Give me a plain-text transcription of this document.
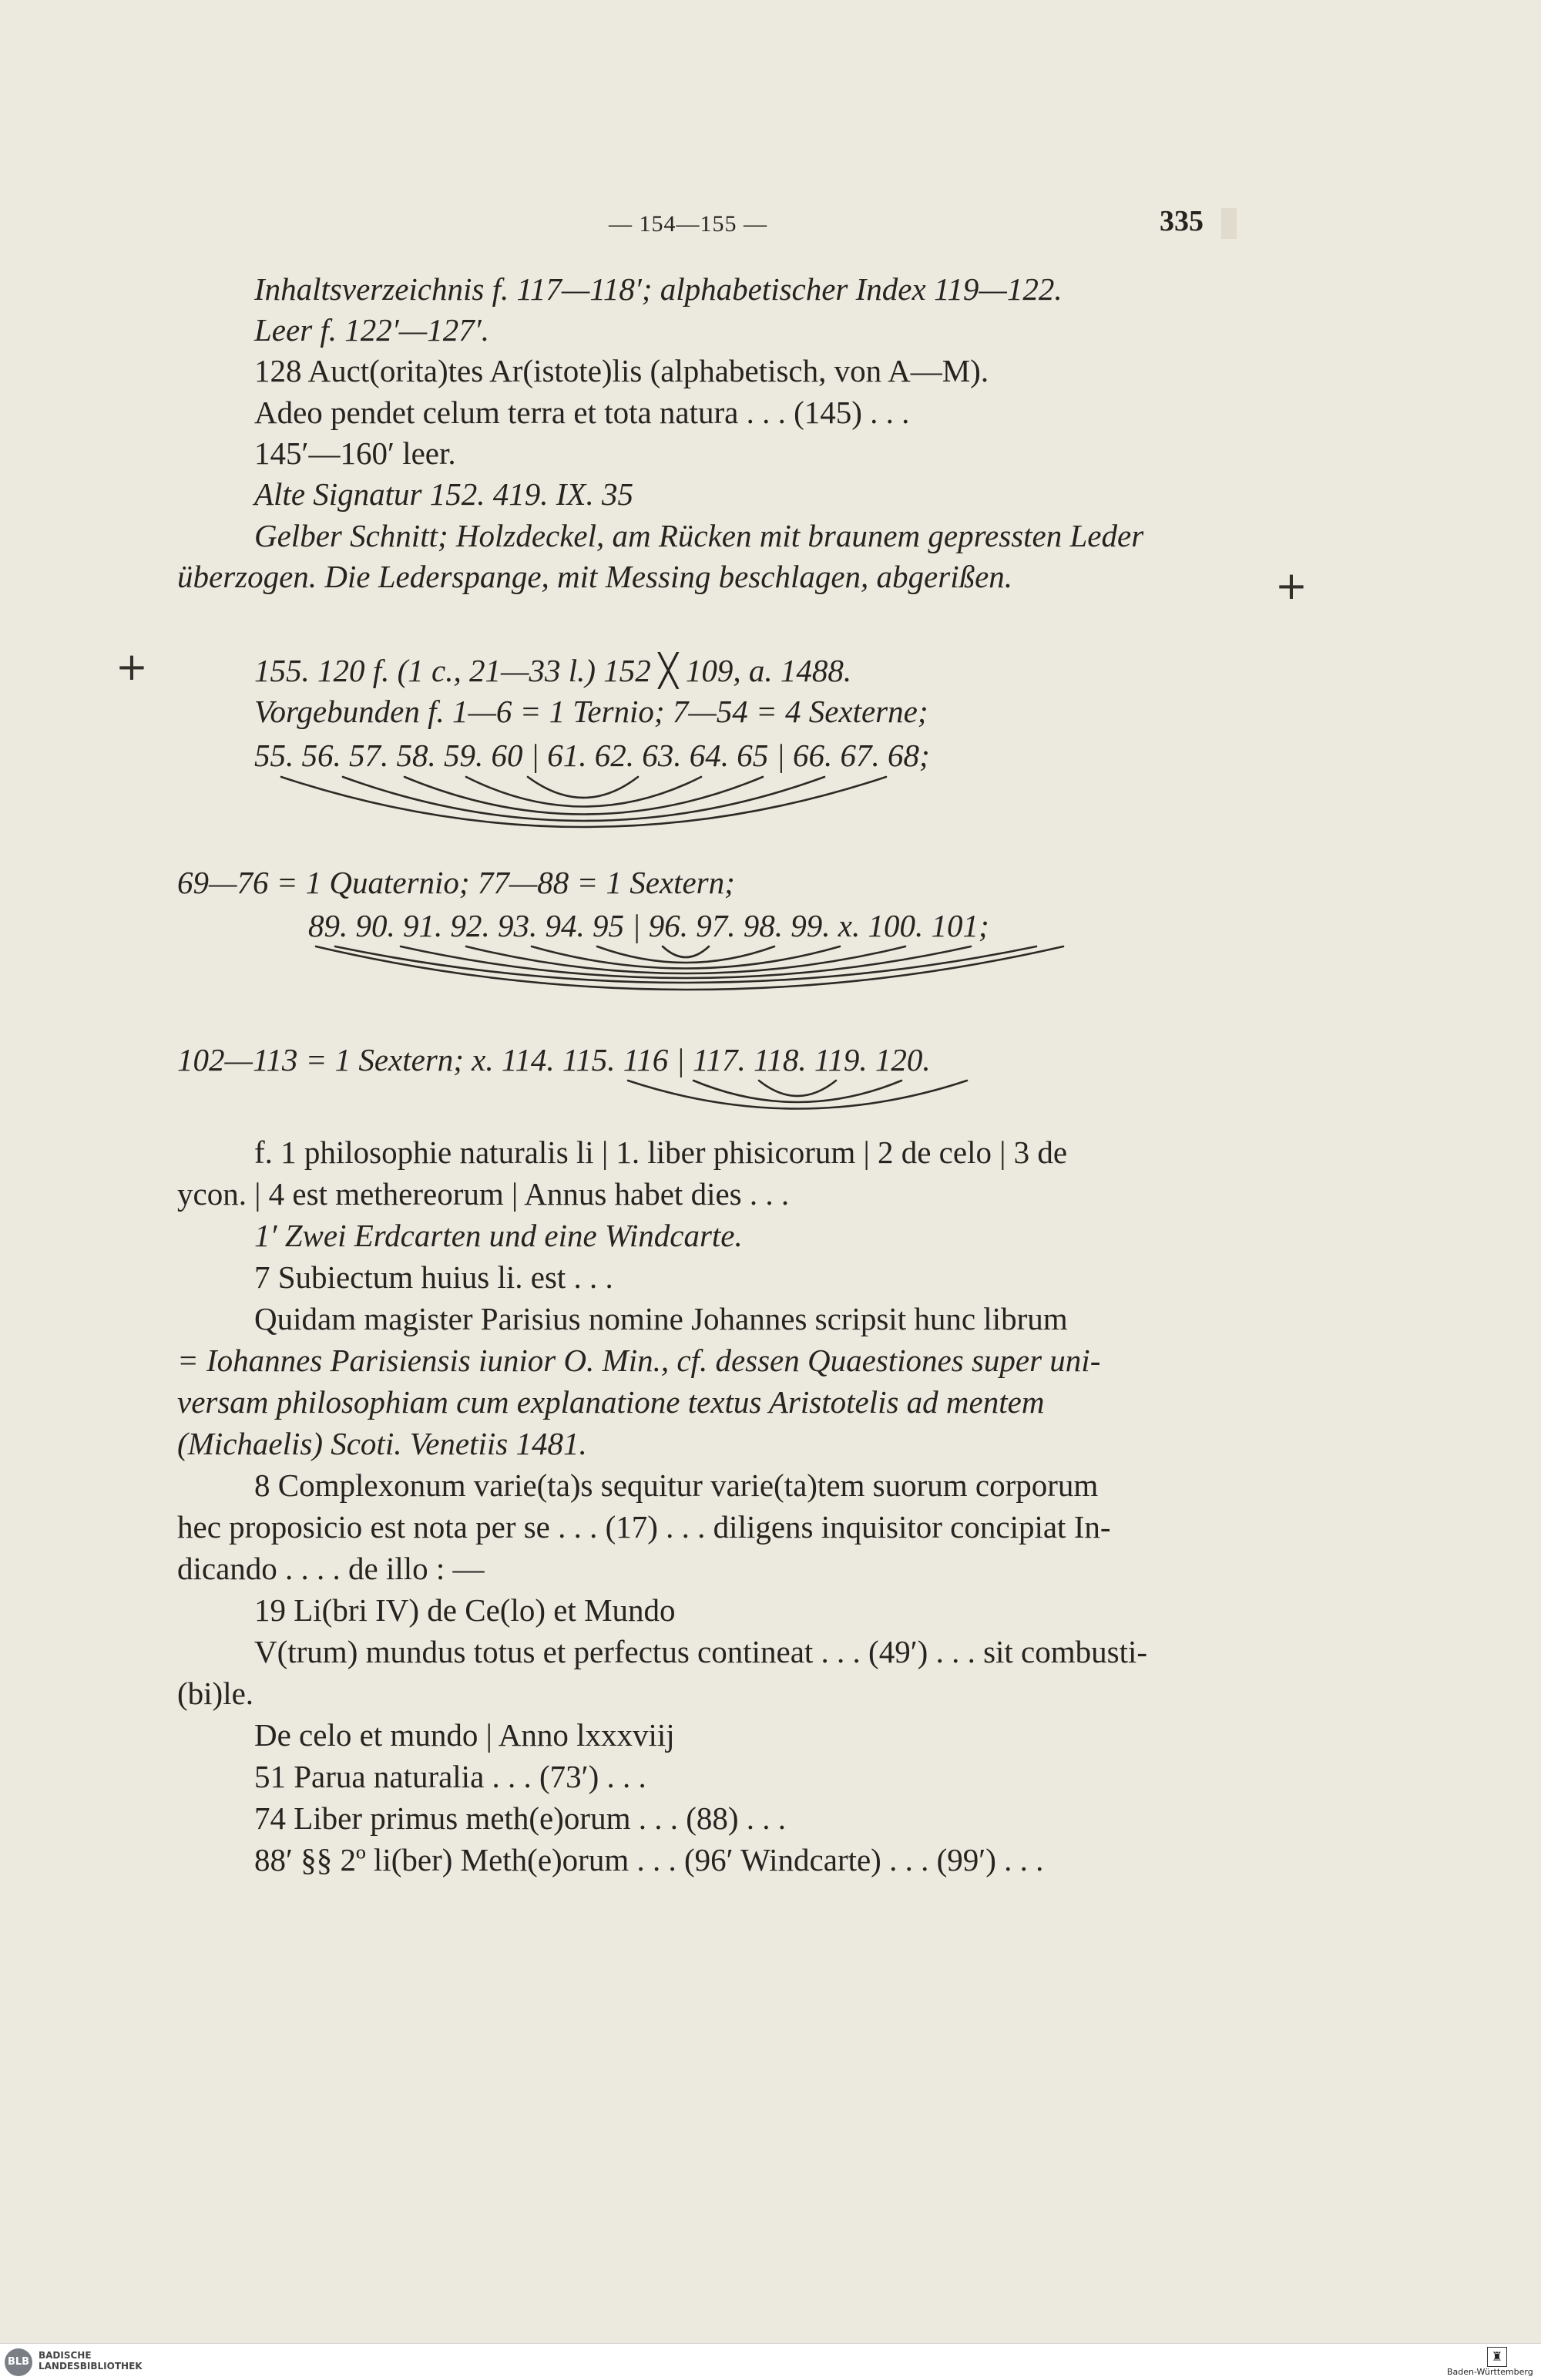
— 154—155 —	335
Inhaltsverzeichnis f. 117—118′; alphabetischer Index 119—122.
Leer f. 122′—127′.
128 Auct(orita)tes Ar(istote)lis (alphabetisch, von A—M).
Adeo pendet celum terra et tota natura . . . (145) . . .
145′—160′ leer.
Alte Signatur 152. 419. IX. 35
Gelber Schnitt; Holzdeckel, am Rücken mit braunem gepressten Leder
überzogen. Die Lederspange, mit Messing beschlagen, abgerißen.
+
+
155. 120 f. (1 c., 21—33 l.) 152 ╳ 109, a. 1488.
Vorgebunden f. 1—6 = 1 Ternio; 7—54 = 4 Sexterne;
55. 56. 57. 58. 59. 60 | 61. 62. 63. 64. 65 | 66. 67. 68;
69—76 = 1 Quaternio; 77—88 = 1 Sextern;
89. 90. 91. 92. 93. 94. 95 | 96. 97. 98. 99. x. 100. 101;
102—113 = 1 Sextern; x. 114. 115. 116 | 117. 118. 119. 120.
f. 1 philosophie naturalis li | 1. liber phisicorum | 2 de celo | 3 de
ycon. | 4 est methereorum | Annus habet dies . . .
1′ Zwei Erdcarten und eine Windcarte.
7 Subiectum huius li. est . . .
Quidam magister Parisius nomine Johannes scripsit hunc librum
= Iohannes Parisiensis iunior O. Min., cf. dessen Quaestiones super uni-
versam philosophiam cum explanatione textus Aristotelis ad mentem
(Michaelis) Scoti. Venetiis 1481.
8 Complexonum varie(ta)s sequitur varie(ta)tem suorum corporum
hec proposicio est nota per se . . . (17) . . . diligens inquisitor concipiat In-
dicando . . . . de illo : —
19 Li(bri IV) de Ce(lo) et Mundo
V(trum) mundus totus et perfectus contineat . . . (49′) . . . sit combusti-
(bi)le.
De celo et mundo | Anno lxxxviij
51 Parua naturalia . . . (73′) . . .
74 Liber primus meth(e)orum . . . (88) . . .
88′ §§ 2º li(ber) Meth(e)orum . . . (96′ Windcarte) . . . (99′) . . .
BLB
BADISCHE
LANDESBIBLIOTHEK
♜
Baden-Württemberg
